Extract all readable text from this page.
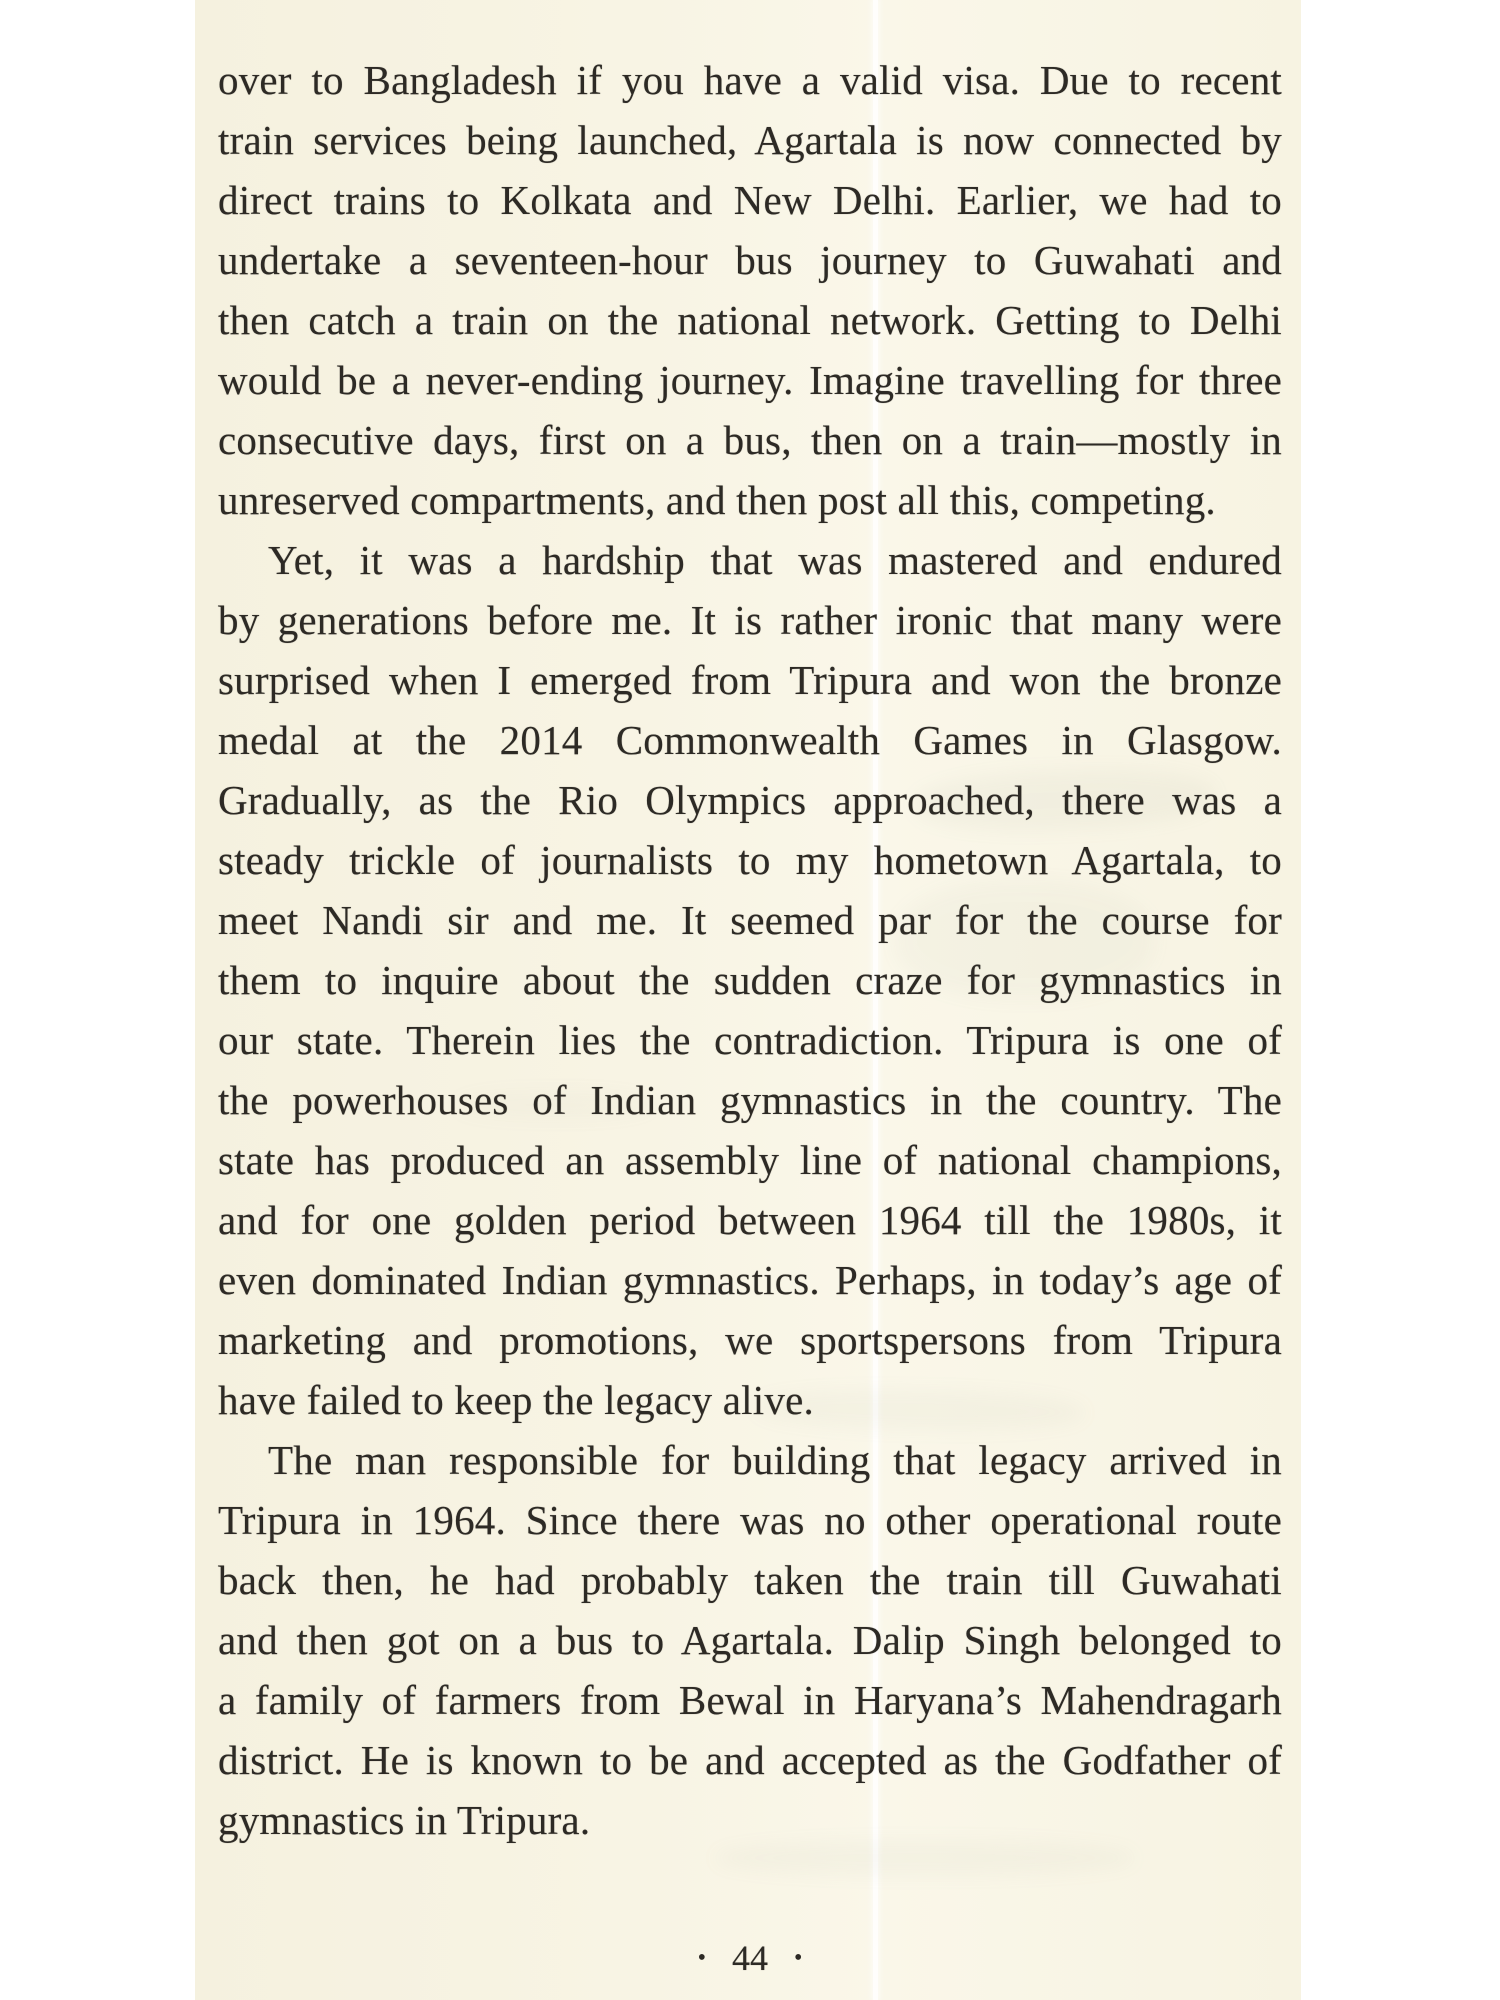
over to Bangladesh if you have a valid visa. Due to recent
train services being launched, Agartala is now connected by
direct trains to Kolkata and New Delhi. Earlier, we had to
undertake a seventeen-hour bus journey to Guwahati and
then catch a train on the national network. Getting to Delhi
would be a never-ending journey. Imagine travelling for three
consecutive days, first on a bus, then on a train—mostly in
unreserved compartments, and then post all this, competing.
Yet, it was a hardship that was mastered and endured
by generations before me. It is rather ironic that many were
surprised when I emerged from Tripura and won the bronze
medal at the 2014 Commonwealth Games in Glasgow.
Gradually, as the Rio Olympics approached, there was a
steady trickle of journalists to my hometown Agartala, to
meet Nandi sir and me. It seemed par for the course for
them to inquire about the sudden craze for gymnastics in
our state. Therein lies the contradiction. Tripura is one of
the powerhouses of Indian gymnastics in the country. The
state has produced an assembly line of national champions,
and for one golden period between 1964 till the 1980s, it
even dominated Indian gymnastics. Perhaps, in today’s age of
marketing and promotions, we sportspersons from Tripura
have failed to keep the legacy alive.
The man responsible for building that legacy arrived in
Tripura in 1964. Since there was no other operational route
back then, he had probably taken the train till Guwahati
and then got on a bus to Agartala. Dalip Singh belonged to
a family of farmers from Bewal in Haryana’s Mahendragarh
district. He is known to be and accepted as the Godfather of
gymnastics in Tripura.
• 44 •
